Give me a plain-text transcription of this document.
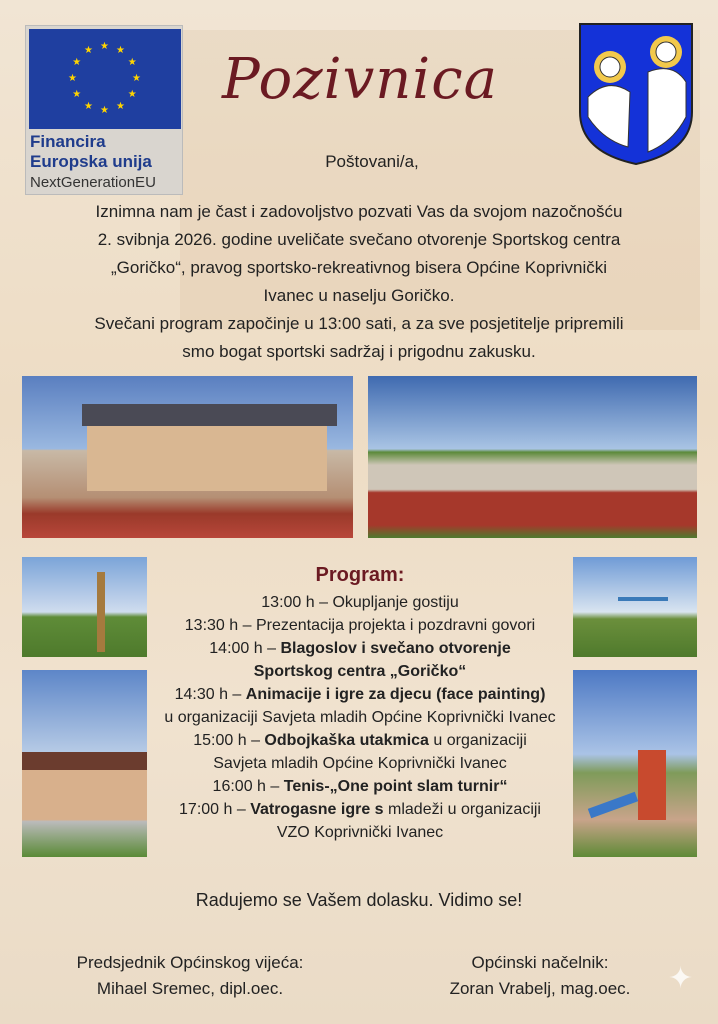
★ ★
★
★
★
★
★
★
★
★
★
★
Financira
Europska unija
NextGenerationEU
Pozivnica
Poštovani/a,
Iznimna nam je čast i zadovoljstvo pozvati Vas da svojom nazočnošću
2. svibnja 2026. godine uveličate svečano otvorenje Sportskog centra
„Goričko“, pravog sportsko-rekreativnog bisera Općine Koprivnički
Ivanec u naselju Goričko.
Svečani program započinje u 13:00 sati, a za sve posjetitelje pripremili
smo bogat sportski sadržaj i prigodnu zakusku.
Program:
13:00 h – Okupljanje gostiju
13:30 h – Prezentacija projekta i pozdravni govori
14:00 h – Blagoslov i svečano otvorenje
Sportskog centra „Goričko“
14:30 h – Animacije i igre za djecu (face painting)
u organizaciji Savjeta mladih Općine Koprivnički Ivanec
15:00 h – Odbojkaška utakmica u organizaciji
Savjeta mladih Općine Koprivnički Ivanec
16:00 h – Tenis-„One point slam turnir“
17:00 h – Vatrogasne igre s mladeži u organizaciji
VZO Koprivnički Ivanec
Radujemo se Vašem dolasku. Vidimo se!
Predsjednik Općinskog vijeća:
Mihael Sremec, dipl.oec.
Općinski načelnik:
Zoran Vrabelj, mag.oec.	✦
